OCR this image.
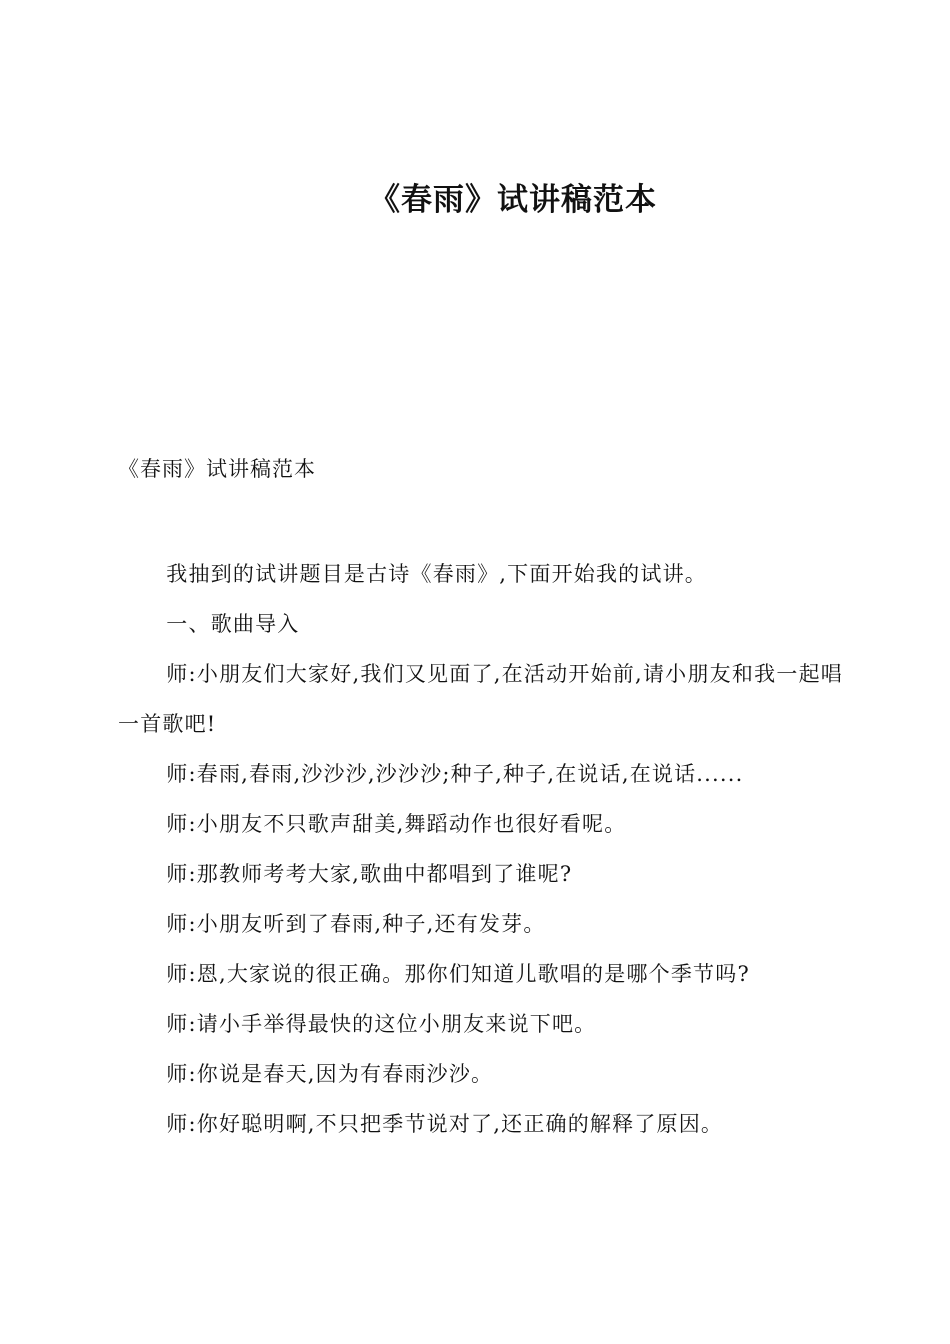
《春雨》试讲稿范本
《春雨》试讲稿范本

我抽到的试讲题目是古诗《春雨》,下面开始我的试讲。

一、歌曲导入

师:小朋友们大家好,我们又见面了,在活动开始前,请小朋友和我一起唱一首歌吧!

师:春雨,春雨,沙沙沙,沙沙沙;种子,种子,在说话,在说话......

师:小朋友不只歌声甜美,舞蹈动作也很好看呢。

师:那教师考考大家,歌曲中都唱到了谁呢?

师:小朋友听到了春雨,种子,还有发芽。

师:恩,大家说的很正确。那你们知道儿歌唱的是哪个季节吗?

师:请小手举得最快的这位小朋友来说下吧。

师:你说是春天,因为有春雨沙沙。

师:你好聪明啊,不只把季节说对了,还正确的解释了原因。
